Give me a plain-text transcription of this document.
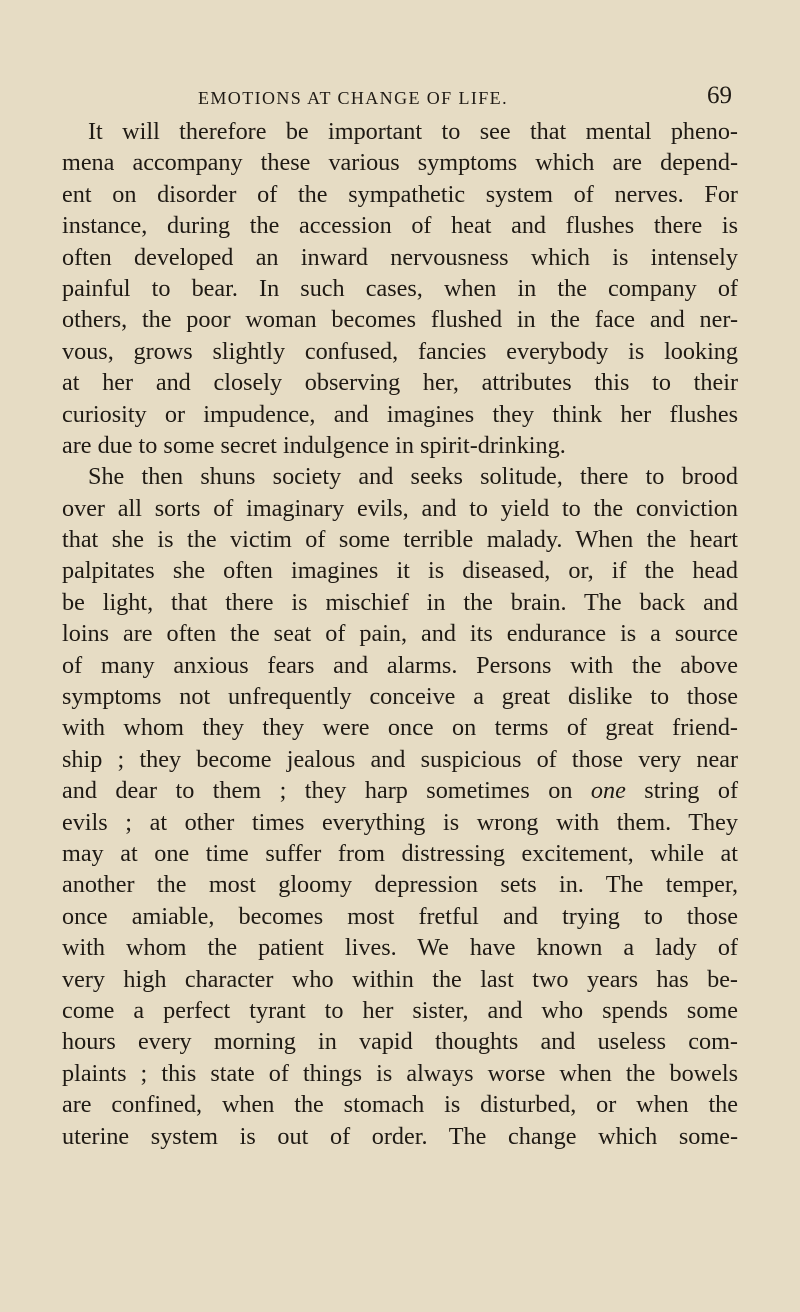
EMOTIONS AT CHANGE OF LIFE.	69
It will therefore be important to see that mental pheno-
mena accompany these various symptoms which are depend-
ent on disorder of the sympathetic system of nerves. For
instance, during the accession of heat and flushes there is
often developed an inward nervousness which is intensely
painful to bear. In such cases, when in the company of
others, the poor woman becomes flushed in the face and ner-
vous, grows slightly confused, fancies everybody is looking
at her and closely observing her, attributes this to their
curiosity or impudence, and imagines they think her flushes
are due to some secret indulgence in spirit-drinking.
She then shuns society and seeks solitude, there to brood
over all sorts of imaginary evils, and to yield to the conviction
that she is the victim of some terrible malady. When the heart
palpitates she often imagines it is diseased, or, if the head
be light, that there is mischief in the brain. The back and
loins are often the seat of pain, and its endurance is a source
of many anxious fears and alarms. Persons with the above
symptoms not unfrequently conceive a great dislike to those
with whom they they were once on terms of great friend-
ship ; they become jealous and suspicious of those very near
and dear to them ; they harp sometimes on one string of
evils ; at other times everything is wrong with them. They
may at one time suffer from distressing excitement, while at
another the most gloomy depression sets in. The temper,
once amiable, becomes most fretful and trying to those
with whom the patient lives. We have known a lady of
very high character who within the last two years has be-
come a perfect tyrant to her sister, and who spends some
hours every morning in vapid thoughts and useless com-
plaints ; this state of things is always worse when the bowels
are confined, when the stomach is disturbed, or when the
uterine system is out of order. The change which some-
